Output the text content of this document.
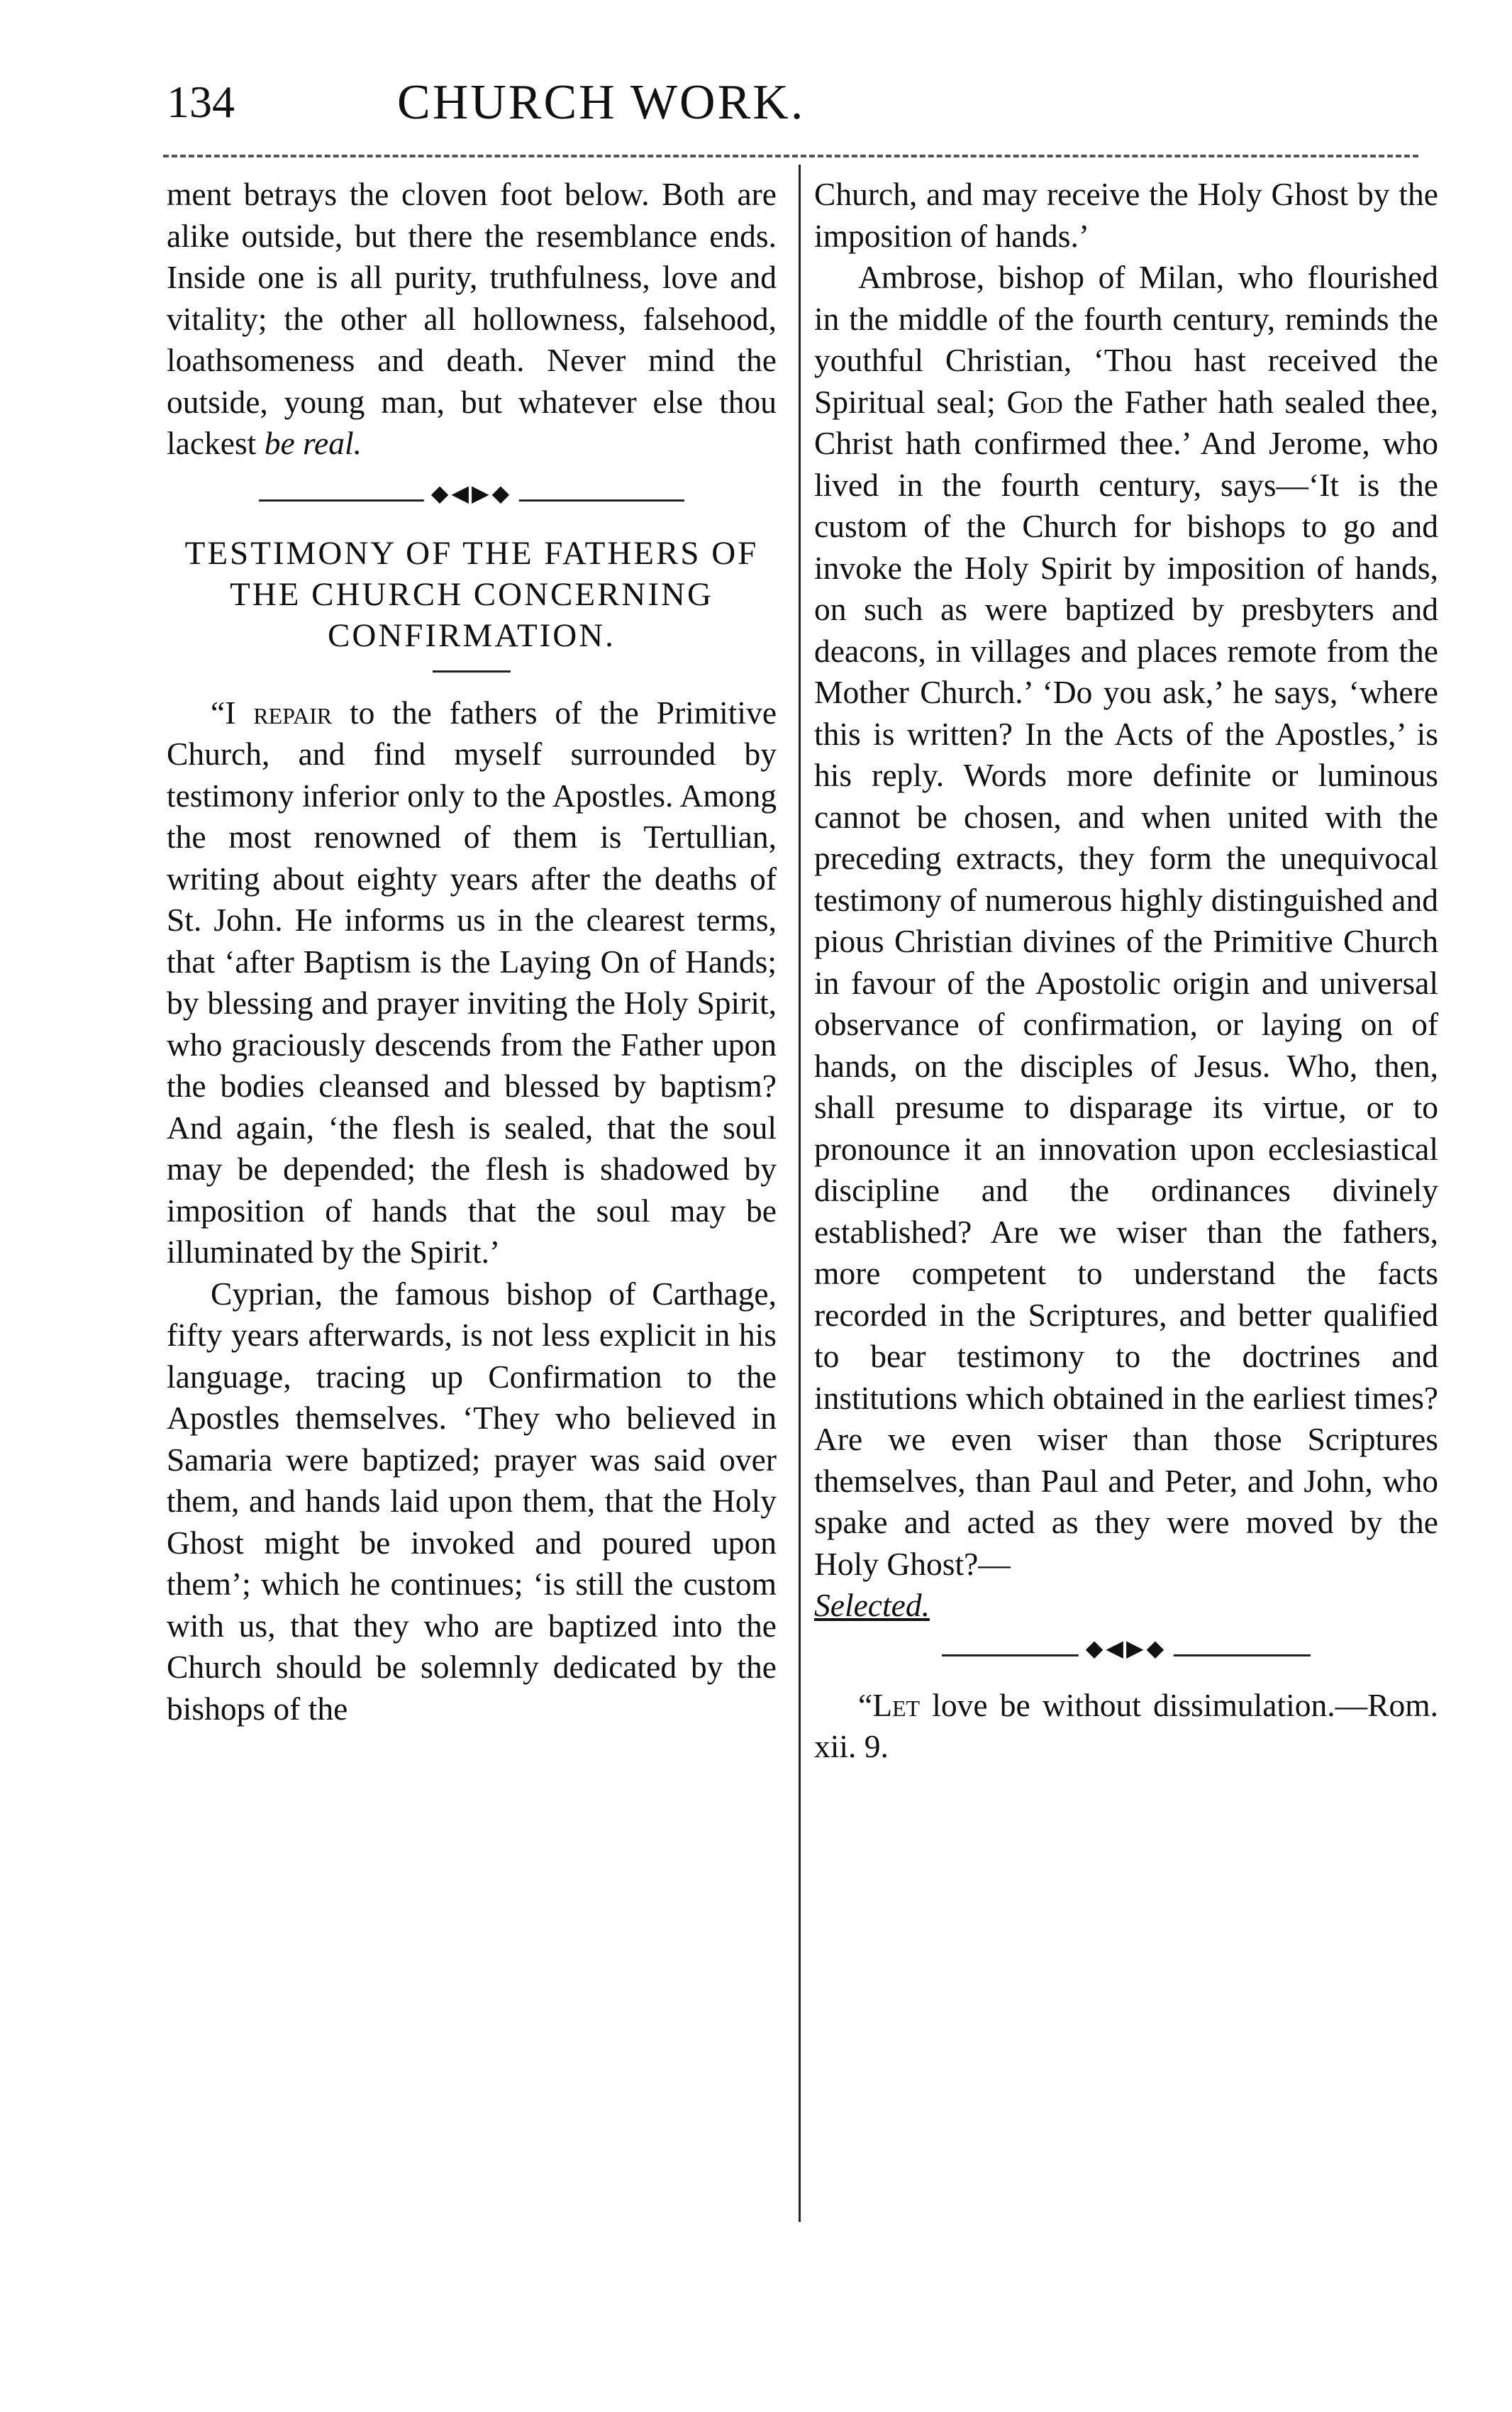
134	CHURCH WORK.

ment betrays the cloven foot below. Both are alike outside, but there the resemblance ends. Inside one is all purity, truthfulness, love and vitality; the other all hollowness, falsehood, loathsomeness and death. Never mind the outside, young man, but whatever else thou lackest be real.

◆◀▶◆
TESTIMONY OF THE FATHERS OF THE CHURCH CONCERNING CONFIRMATION.

“I repair to the fathers of the Primitive Church, and find myself surrounded by testimony inferior only to the Apostles. Among the most renowned of them is Tertullian, writing about eighty years after the deaths of St. John. He informs us in the clearest terms, that ‘after Baptism is the Laying On of Hands; by blessing and prayer inviting the Holy Spirit, who graciously descends from the Father upon the bodies cleansed and blessed by baptism? And again, ‘the flesh is sealed, that the soul may be depended; the flesh is shadowed by imposition of hands that the soul may be illuminated by the Spirit.’

Cyprian, the famous bishop of Carthage, fifty years afterwards, is not less explicit in his language, tracing up Confirmation to the Apostles themselves. ‘They who believed in Samaria were baptized; prayer was said over them, and hands laid upon them, that the Holy Ghost might be invoked and poured upon them’; which he continues; ‘is still the custom with us, that they who are baptized into the Church should be solemnly dedicated by the bishops of the

Church, and may receive the Holy Ghost by the imposition of hands.’

Ambrose, bishop of Milan, who flourished in the middle of the fourth century, reminds the youthful Christian, ‘Thou hast received the Spiritual seal; God the Father hath sealed thee, Christ hath confirmed thee.’ And Jerome, who lived in the fourth century, says—‘It is the custom of the Church for bishops to go and invoke the Holy Spirit by imposition of hands, on such as were baptized by presbyters and deacons, in villages and places remote from the Mother Church.’ ‘Do you ask,’ he says, ‘where this is written? In the Acts of the Apostles,’ is his reply. Words more definite or luminous cannot be chosen, and when united with the preceding extracts, they form the unequivocal testimony of numerous highly distinguished and pious Christian divines of the Primitive Church in favour of the Apostolic origin and universal observance of confirmation, or laying on of hands, on the disciples of Jesus. Who, then, shall presume to disparage its virtue, or to pronounce it an innovation upon ecclesiastical discipline and the ordinances divinely established? Are we wiser than the fathers, more competent to understand the facts recorded in the Scriptures, and better qualified to bear testimony to the doctrines and institutions which obtained in the earliest times? Are we even wiser than those Scriptures themselves, than Paul and Peter, and John, who spake and acted as they were moved by the Holy Ghost?—

Selected.

◆◀▶◆

“Let love be without dissimulation.—Rom. xii. 9.
